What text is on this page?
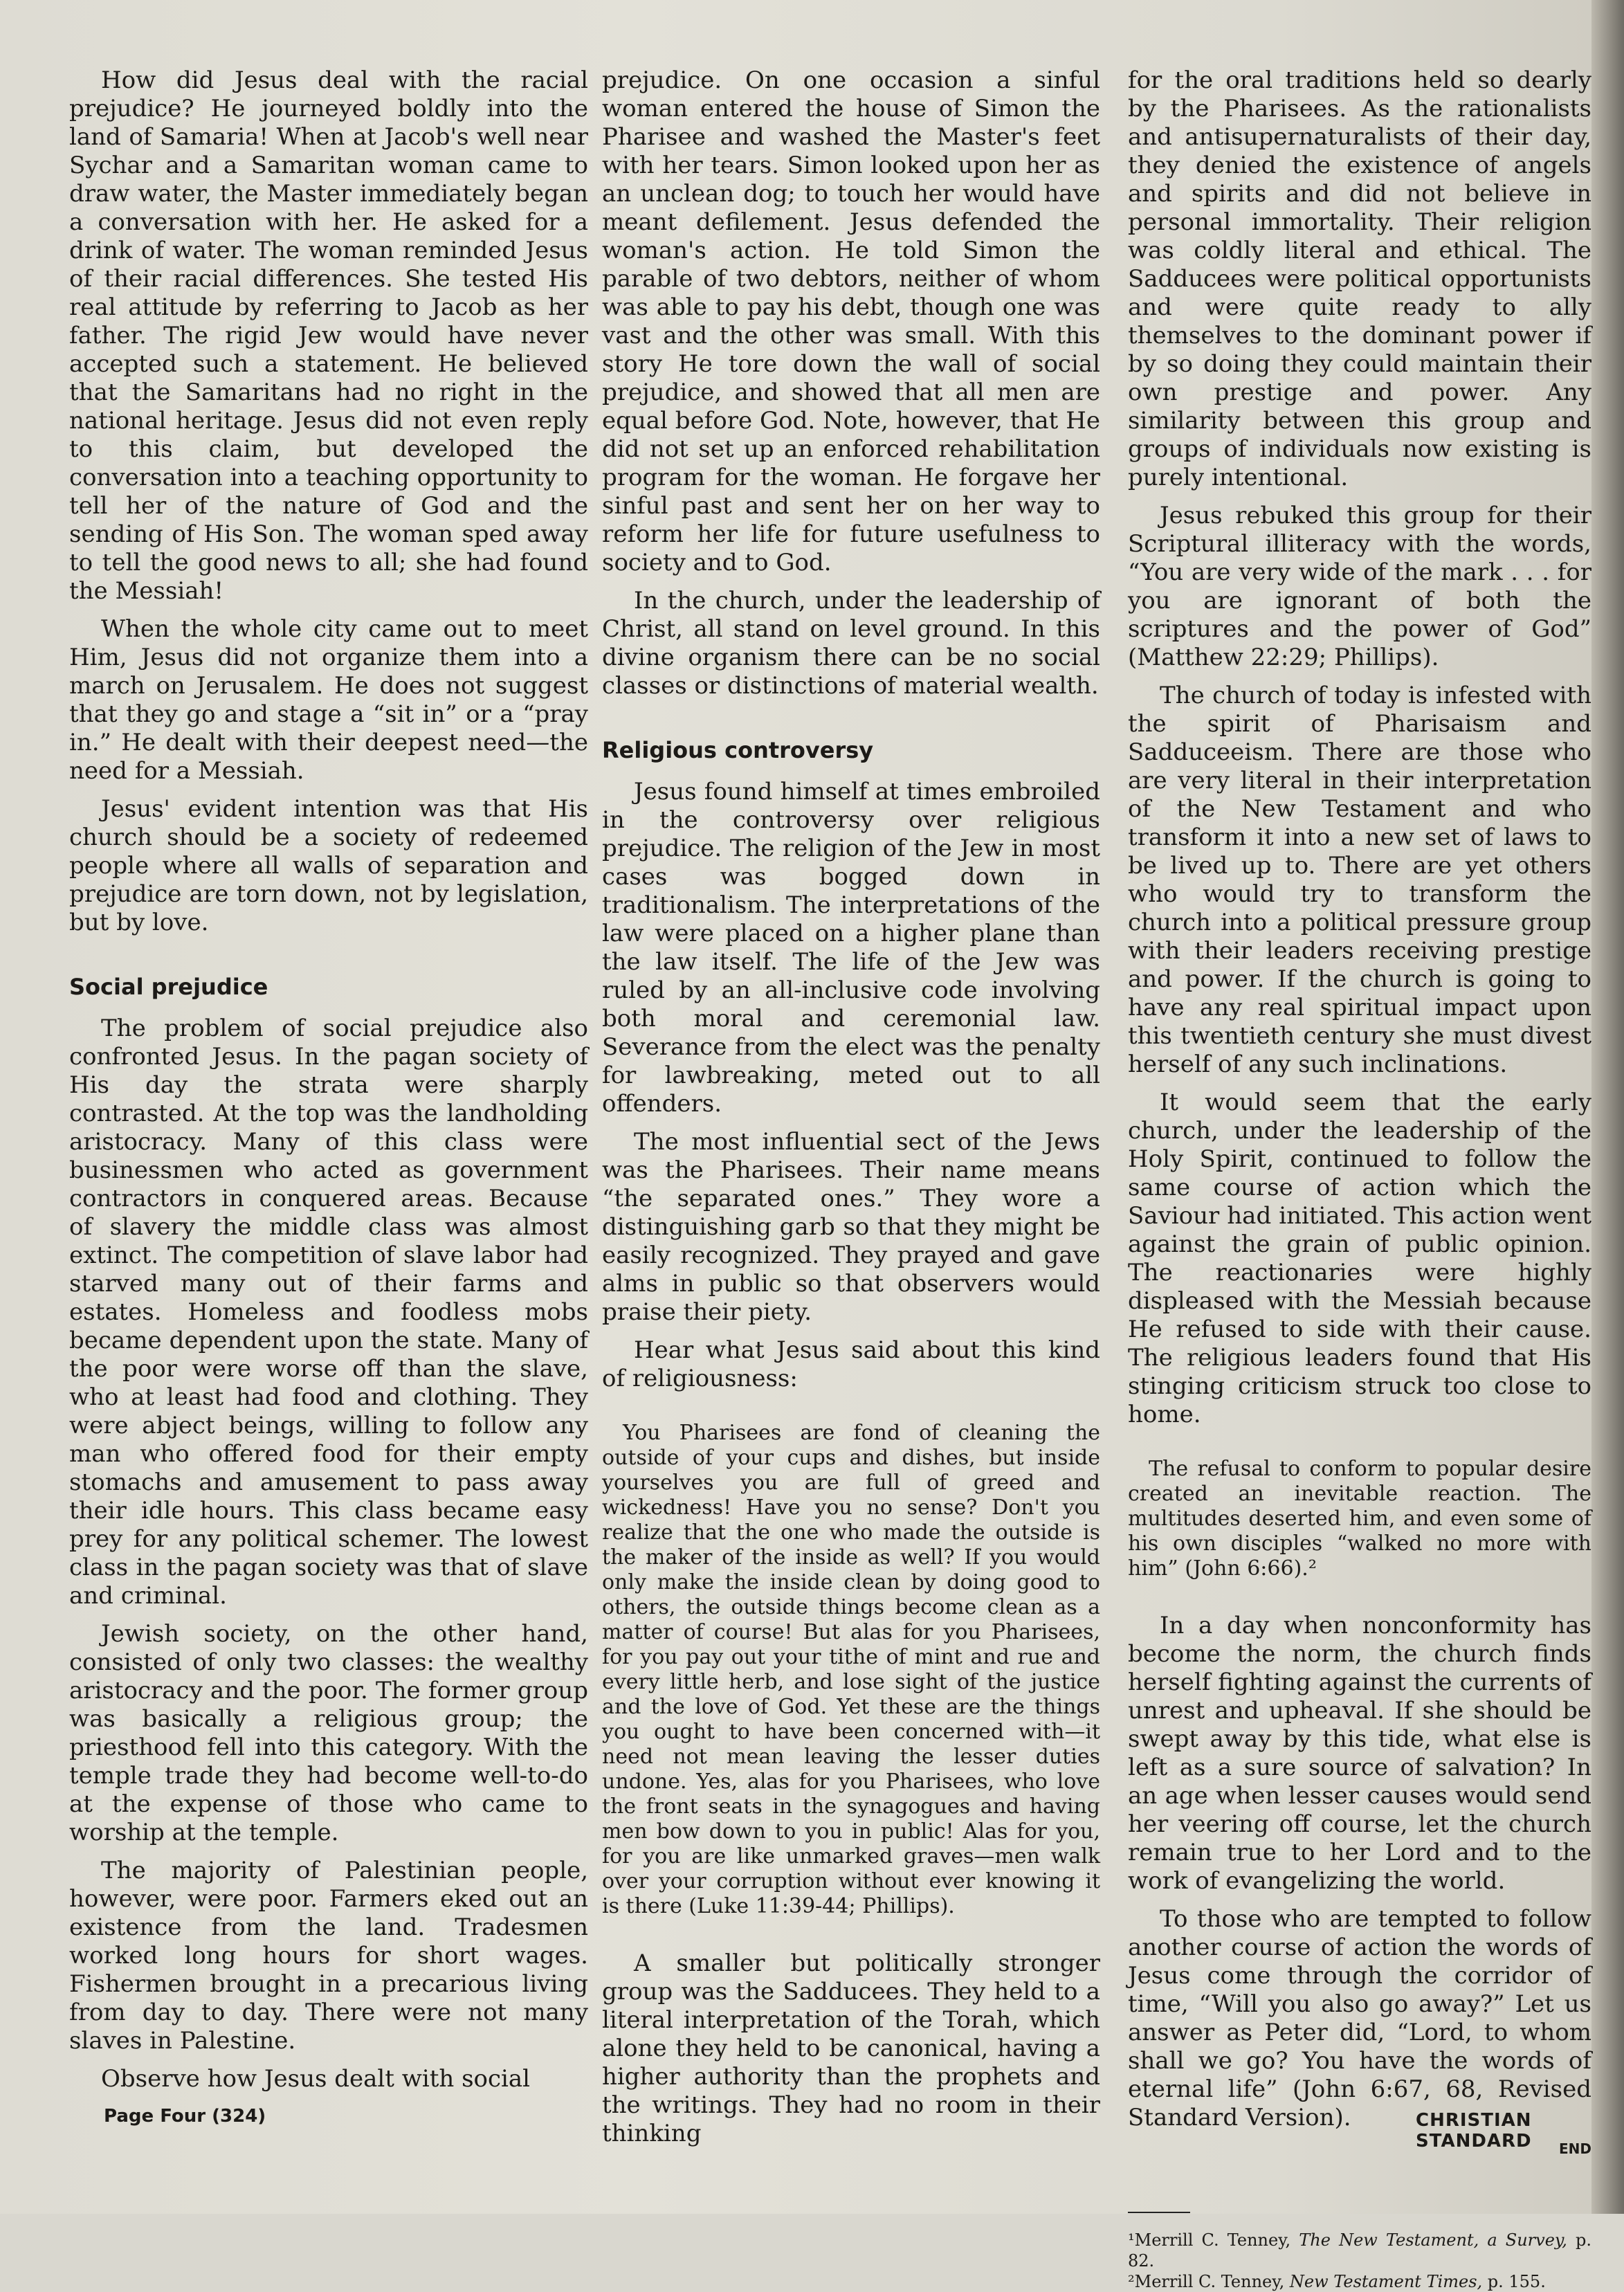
How did Jesus deal with the racial prejudice? He journeyed boldly into the land of Samaria! When at Jacob's well near Sychar and a Samaritan woman came to draw water, the Master immediately began a conversation with her. He asked for a drink of water. The woman reminded Jesus of their racial differences. She tested His real attitude by referring to Jacob as her father. The rigid Jew would have never accepted such a statement. He believed that the Samaritans had no right in the national heritage. Jesus did not even reply to this claim, but developed the conversation into a teaching opportunity to tell her of the nature of God and the sending of His Son. The woman sped away to tell the good news to all; she had found the Messiah!

When the whole city came out to meet Him, Jesus did not organize them into a march on Jerusalem. He does not suggest that they go and stage a “sit in” or a “pray in.” He dealt with their deepest need—the need for a Messiah.

Jesus' evident intention was that His church should be a society of redeemed people where all walls of separation and prejudice are torn down, not by legislation, but by love.

Social prejudice

The problem of social prejudice also confronted Jesus. In the pagan society of His day the strata were sharply contrasted. At the top was the landholding aristocracy. Many of this class were businessmen who acted as government contractors in conquered areas. Because of slavery the middle class was almost extinct. The competition of slave labor had starved many out of their farms and estates. Homeless and foodless mobs became dependent upon the state. Many of the poor were worse off than the slave, who at least had food and clothing. They were abject beings, willing to follow any man who offered food for their empty stomachs and amusement to pass away their idle hours. This class became easy prey for any political schemer. The lowest class in the pagan society was that of slave and criminal.

Jewish society, on the other hand, consisted of only two classes: the wealthy aristocracy and the poor. The former group was basically a religious group; the priesthood fell into this category. With the temple trade they had become well-to-do at the expense of those who came to worship at the temple.

The majority of Palestinian people, however, were poor. Farmers eked out an existence from the land. Tradesmen worked long hours for short wages. Fishermen brought in a precarious living from day to day. There were not many slaves in Palestine.

Observe how Jesus dealt with social

prejudice. On one occasion a sinful woman entered the house of Simon the Pharisee and washed the Master's feet with her tears. Simon looked upon her as an unclean dog; to touch her would have meant defilement. Jesus defended the woman's action. He told Simon the parable of two debtors, neither of whom was able to pay his debt, though one was vast and the other was small. With this story He tore down the wall of social prejudice, and showed that all men are equal before God. Note, however, that He did not set up an enforced rehabilitation program for the woman. He forgave her sinful past and sent her on her way to reform her life for future usefulness to society and to God.

In the church, under the leadership of Christ, all stand on level ground. In this divine organism there can be no social classes or distinctions of material wealth.

Religious controversy

Jesus found himself at times embroiled in the controversy over religious prejudice. The religion of the Jew in most cases was bogged down in traditionalism. The interpretations of the law were placed on a higher plane than the law itself. The life of the Jew was ruled by an all-inclusive code involving both moral and ceremonial law. Severance from the elect was the penalty for lawbreaking, meted out to all offenders.

The most influential sect of the Jews was the Pharisees. Their name means “the separated ones.” They wore a distinguishing garb so that they might be easily recognized. They prayed and gave alms in public so that observers would praise their piety.

Hear what Jesus said about this kind of religiousness:

You Pharisees are fond of cleaning the outside of your cups and dishes, but inside yourselves you are full of greed and wickedness! Have you no sense? Don't you realize that the one who made the outside is the maker of the inside as well? If you would only make the inside clean by doing good to others, the outside things become clean as a matter of course! But alas for you Pharisees, for you pay out your tithe of mint and rue and every little herb, and lose sight of the justice and the love of God. Yet these are the things you ought to have been concerned with—it need not mean leaving the lesser duties undone. Yes, alas for you Pharisees, who love the front seats in the synagogues and having men bow down to you in public! Alas for you, for you are like unmarked graves—men walk over your corruption without ever knowing it is there (Luke 11:39-44; Phillips).

A smaller but politically stronger group was the Sadducees. They held to a literal interpretation of the Torah, which alone they held to be canonical, having a higher authority than the prophets and the writings. They had no room in their thinking

for the oral traditions held so dearly by the Pharisees. As the rationalists and antisupernaturalists of their day, they denied the existence of angels and spirits and did not believe in personal immortality. Their religion was coldly literal and ethical. The Sadducees were political opportunists and were quite ready to ally themselves to the dominant power if by so doing they could maintain their own prestige and power. Any similarity between this group and groups of individuals now existing is purely intentional.

Jesus rebuked this group for their Scriptural illiteracy with the words, “You are very wide of the mark . . . for you are ignorant of both the scriptures and the power of God” (Matthew 22:29; Phillips).

The church of today is infested with the spirit of Pharisaism and Sadduceeism. There are those who are very literal in their interpretation of the New Testament and who transform it into a new set of laws to be lived up to. There are yet others who would try to transform the church into a political pressure group with their leaders receiving prestige and power. If the church is going to have any real spiritual impact upon this twentieth century she must divest herself of any such inclinations.

It would seem that the early church, under the leadership of the Holy Spirit, continued to follow the same course of action which the Saviour had initiated. This action went against the grain of public opinion. The reactionaries were highly displeased with the Messiah because He refused to side with their cause. The religious leaders found that His stinging criticism struck too close to home.

The refusal to conform to popular desire created an inevitable reaction. The multitudes deserted him, and even some of his own disciples “walked no more with him” (John 6:66).²

In a day when nonconformity has become the norm, the church finds herself fighting against the currents of unrest and upheaval. If she should be swept away by this tide, what else is left as a sure source of salvation? In an age when lesser causes would send her veering off course, let the church remain true to her Lord and to the work of evangelizing the world.

To those who are tempted to follow another course of action the words of Jesus come through the corridor of time, “Will you also go away?” Let us answer as Peter did, “Lord, to whom shall we go? You have the words of eternal life” (John 6:67, 68, Revised Standard Version).

END

¹Merrill C. Tenney, The New Testament, a Survey, p. 82.

²Merrill C. Tenney, New Testament Times, p. 155.

Page Four (324)	CHRISTIAN STANDARD
